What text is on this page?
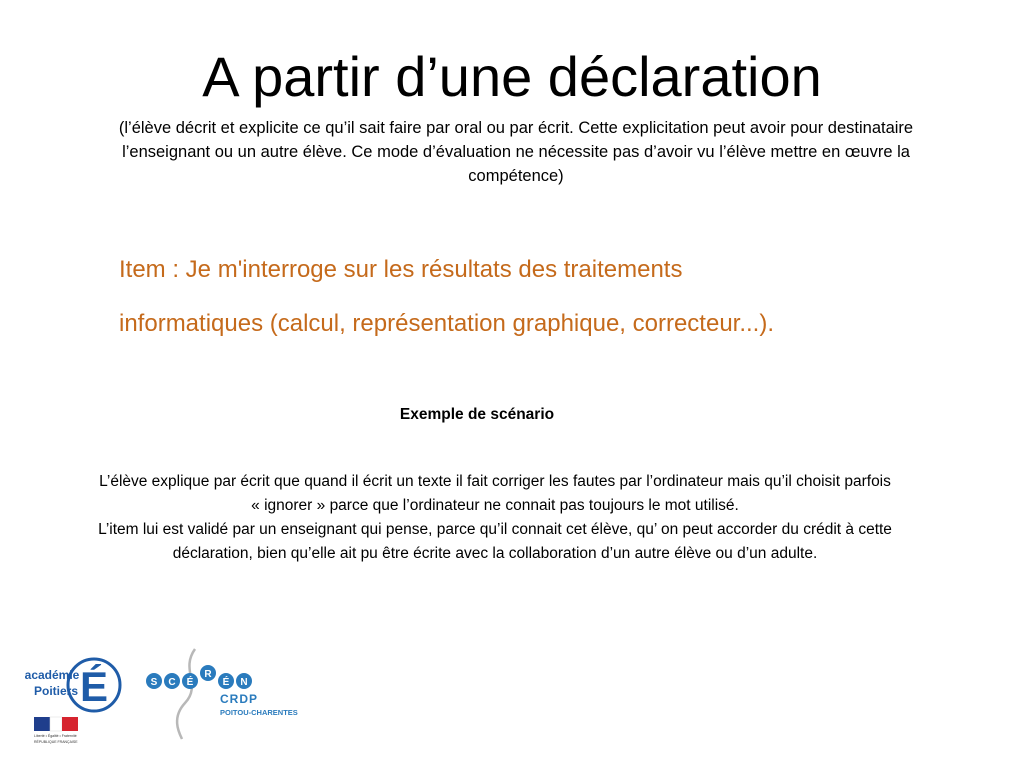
A partir d’une déclaration

(l’élève décrit et explicite ce qu’il sait faire par oral ou par écrit. Cette explicitation peut avoir pour destinataire l’enseignant ou un autre élève. Ce mode d’évaluation ne nécessite pas d’avoir vu l’élève mettre en œuvre la compétence)

Item : Je m'interroge sur les résultats des traitements
informatiques (calcul, représentation graphique, correcteur...).

Exemple de scénario

L’élève explique par écrit que quand il écrit un texte il fait corriger les fautes par l’ordinateur mais qu’il choisit parfois « ignorer » parce que l’ordinateur ne connait pas toujours le mot utilisé.

L’item lui est validé par un enseignant qui pense, parce qu’il connait cet élève, qu’ on peut accorder du crédit à cette déclaration, bien qu’elle ait pu être écrite avec la collaboration d’un autre élève ou d’un adulte.

académie
Poitiers É
Liberté • Égalité • Fraternité
RÉPUBLIQUE FRANÇAISE
S C É
R
É N
CRDP
POITOU-CHARENTES
